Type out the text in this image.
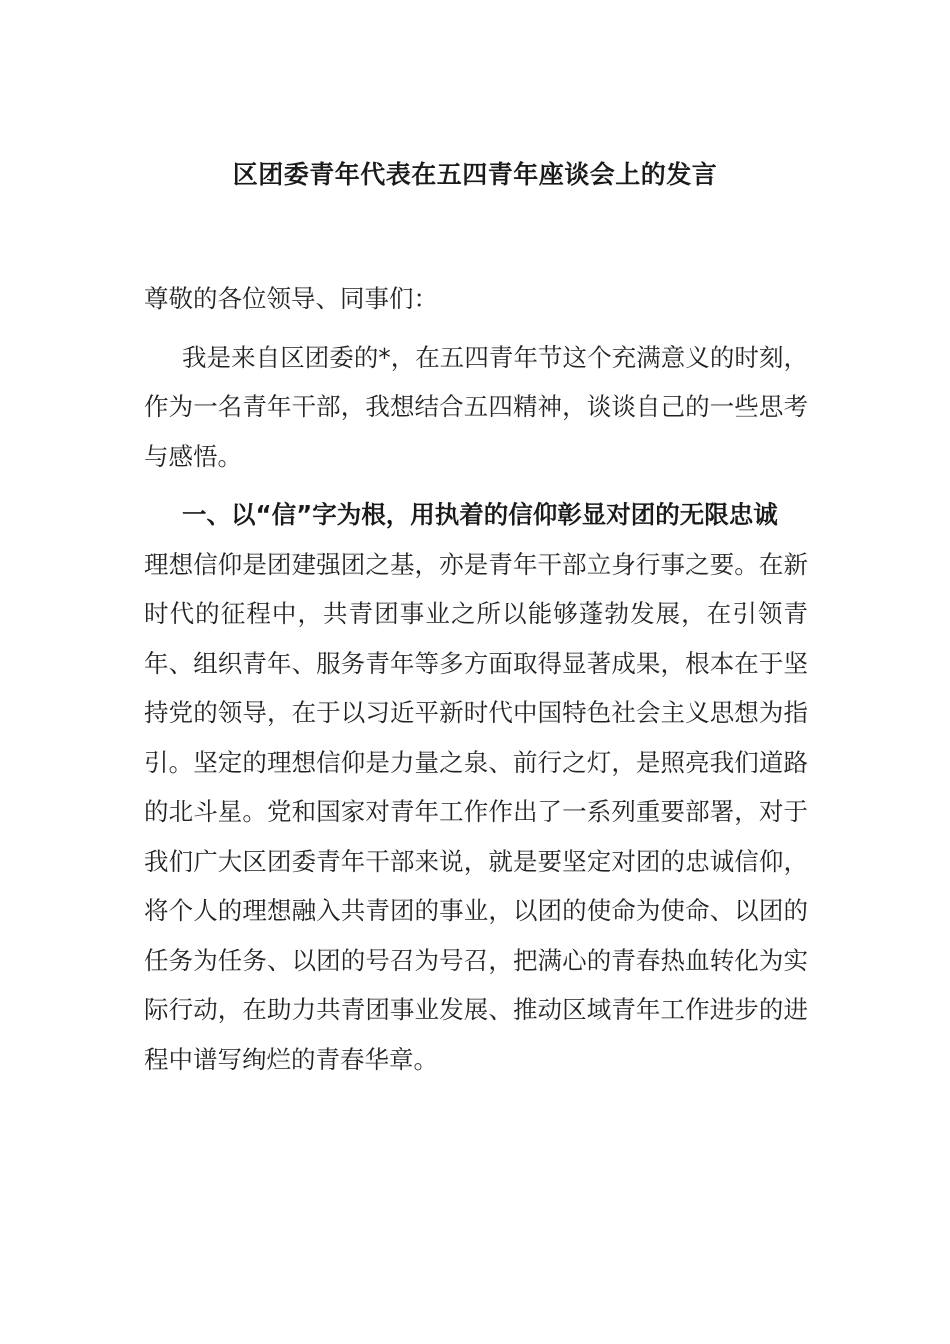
区团委青年代表在五四青年座谈会上的发言

尊敬的各位领导、同事们：

我是来自区团委的*，在五四青年节这个充满意义的时刻，作为一名青年干部，我想结合五四精神，谈谈自己的一些思考与感悟。

一、以“信”字为根，用执着的信仰彰显对团的无限忠诚

理想信仰是团建强团之基，亦是青年干部立身行事之要。在新时代的征程中，共青团事业之所以能够蓬勃发展，在引领青年、组织青年、服务青年等多方面取得显著成果，根本在于坚持党的领导，在于以习近平新时代中国特色社会主义思想为指引。坚定的理想信仰是力量之泉、前行之灯，是照亮我们道路的北斗星。党和国家对青年工作作出了一系列重要部署，对于我们广大区团委青年干部来说，就是要坚定对团的忠诚信仰，将个人的理想融入共青团的事业，以团的使命为使命、以团的任务为任务、以团的号召为号召，把满心的青春热血转化为实际行动，在助力共青团事业发展、推动区域青年工作进步的进程中谱写绚烂的青春华章。
